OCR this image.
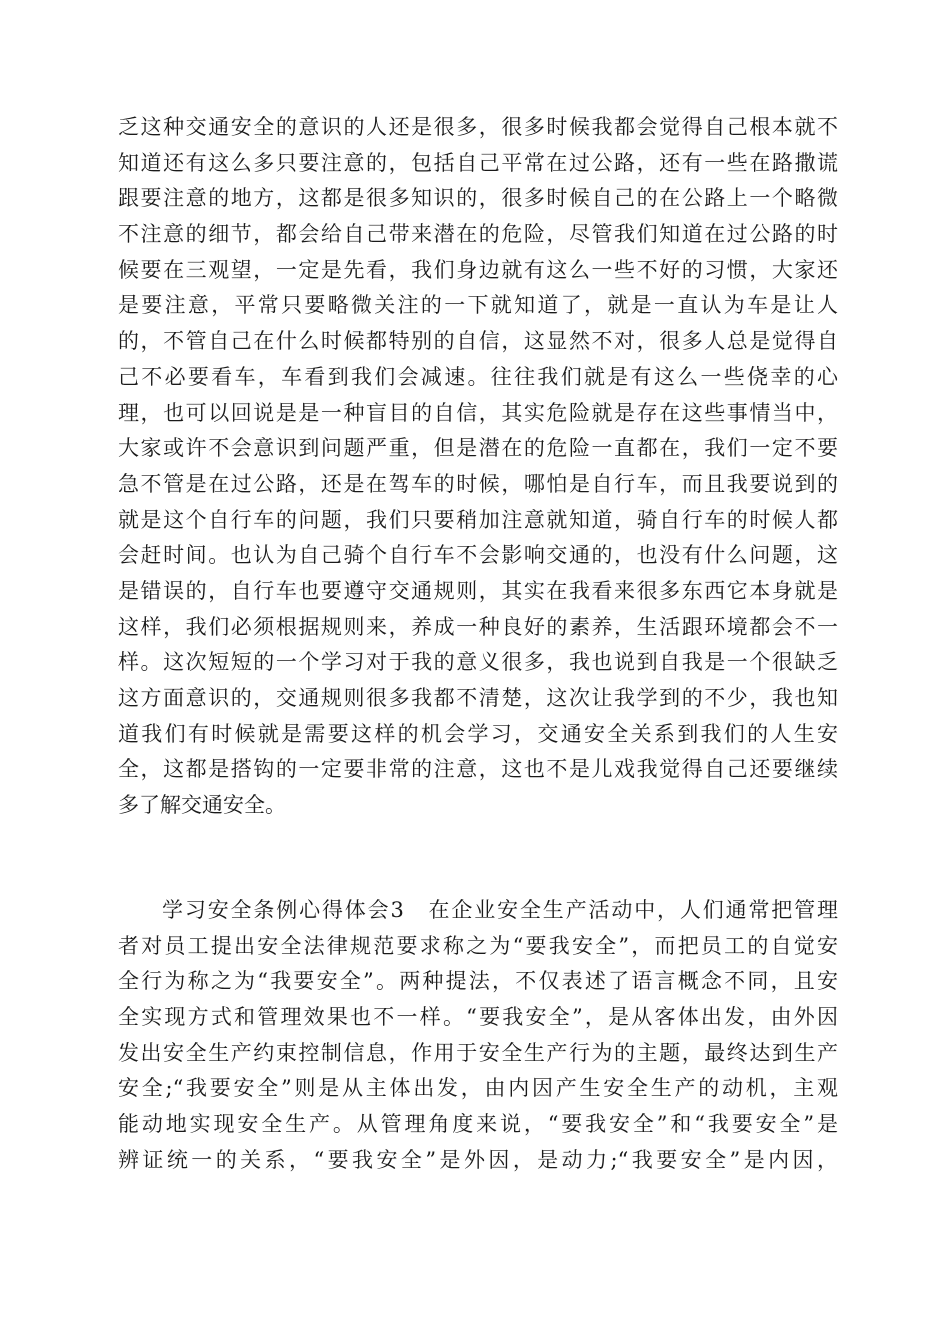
乏这种交通安全的意识的人还是很多，很多时候我都会觉得自己根本就不
知道还有这么多只要注意的，包括自己平常在过公路，还有一些在路撒谎
跟要注意的地方，这都是很多知识的，很多时候自己的在公路上一个略微
不注意的细节，都会给自己带来潜在的危险，尽管我们知道在过公路的时
候要在三观望，一定是先看，我们身边就有这么一些不好的习惯，大家还
是要注意，平常只要略微关注的一下就知道了，就是一直认为车是让人
的，不管自己在什么时候都特别的自信，这显然不对，很多人总是觉得自
己不必要看车，车看到我们会减速。往往我们就是有这么一些侥幸的心
理，也可以回说是是一种盲目的自信，其实危险就是存在这些事情当中，
大家或许不会意识到问题严重，但是潜在的危险一直都在，我们一定不要
急不管是在过公路，还是在驾车的时候，哪怕是自行车，而且我要说到的
就是这个自行车的问题，我们只要稍加注意就知道，骑自行车的时候人都
会赶时间。也认为自己骑个自行车不会影响交通的，也没有什么问题，这
是错误的，自行车也要遵守交通规则，其实在我看来很多东西它本身就是
这样，我们必须根据规则来，养成一种良好的素养，生活跟环境都会不一
样。这次短短的一个学习对于我的意义很多，我也说到自我是一个很缺乏
这方面意识的，交通规则很多我都不清楚，这次让我学到的不少，我也知
道我们有时候就是需要这样的机会学习，交通安全关系到我们的人生安
全，这都是搭钩的一定要非常的注意，这也不是儿戏我觉得自己还要继续
多了解交通安全。
学习安全条例心得体会3　在企业安全生产活动中，人们通常把管理
者对员工提出安全法律规范要求称之为“要我安全”，而把员工的自觉安
全行为称之为“我要安全”。两种提法，不仅表述了语言概念不同，且安
全实现方式和管理效果也不一样。“要我安全”，是从客体出发，由外因
发出安全生产约束控制信息，作用于安全生产行为的主题，最终达到生产
安全;“我要安全”则是从主体出发，由内因产生安全生产的动机，主观
能动地实现安全生产。从管理角度来说，“要我安全”和“我要安全”是
辨证统一的关系，“要我安全”是外因，是动力;“我要安全”是内因，
